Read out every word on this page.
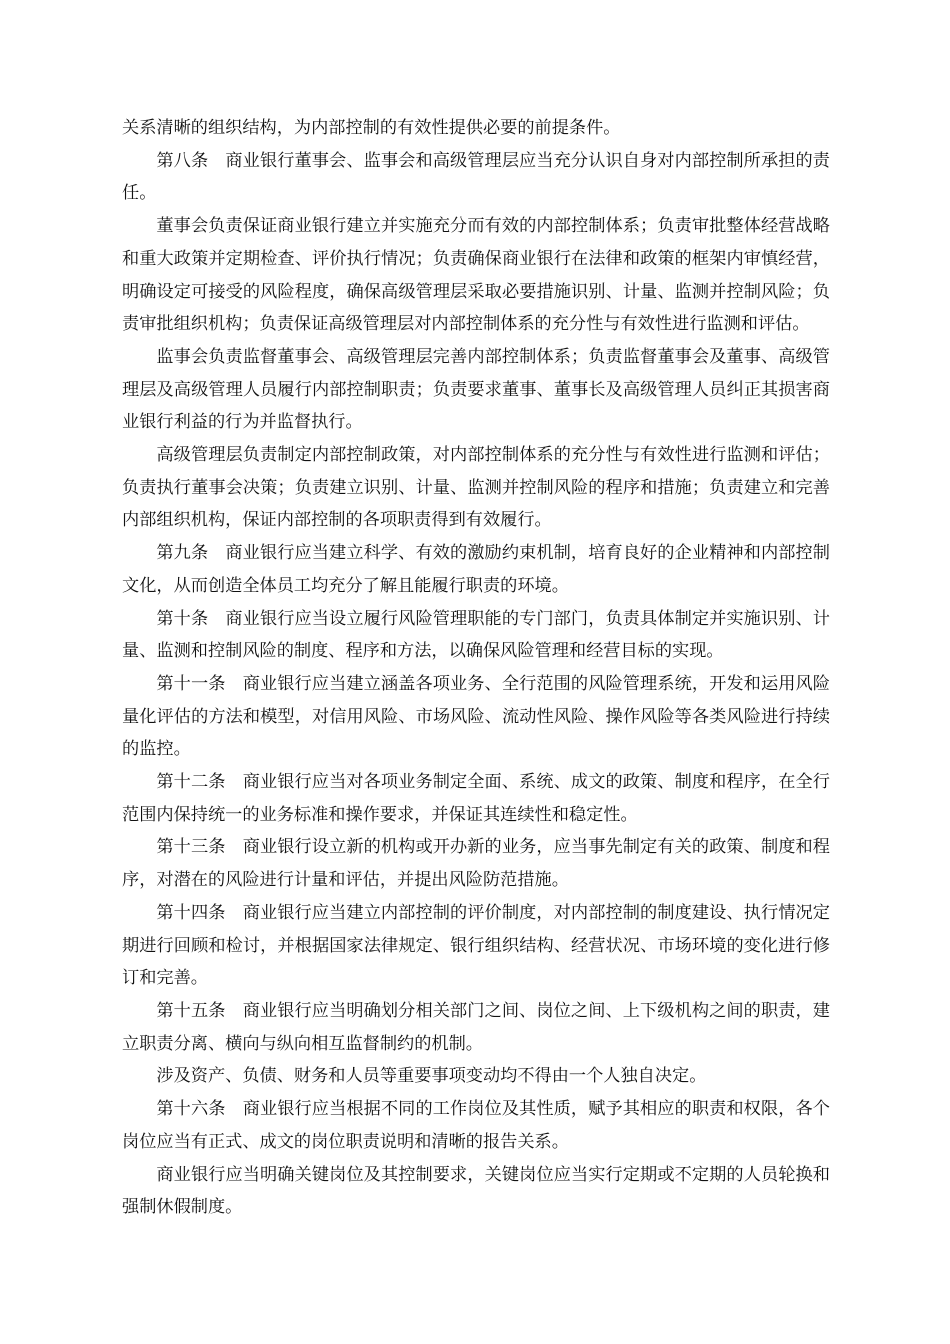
关系清晰的组织结构，为内部控制的有效性提供必要的前提条件。

第八条 商业银行董事会、监事会和高级管理层应当充分认识自身对内部控制所承担的责任。

董事会负责保证商业银行建立并实施充分而有效的内部控制体系；负责审批整体经营战略和重大政策并定期检查、评价执行情况；负责确保商业银行在法律和政策的框架内审慎经营，明确设定可接受的风险程度，确保高级管理层采取必要措施识别、计量、监测并控制风险；负责审批组织机构；负责保证高级管理层对内部控制体系的充分性与有效性进行监测和评估。

监事会负责监督董事会、高级管理层完善内部控制体系；负责监督董事会及董事、高级管理层及高级管理人员履行内部控制职责；负责要求董事、董事长及高级管理人员纠正其损害商业银行利益的行为并监督执行。

高级管理层负责制定内部控制政策，对内部控制体系的充分性与有效性进行监测和评估；负责执行董事会决策；负责建立识别、计量、监测并控制风险的程序和措施；负责建立和完善内部组织机构，保证内部控制的各项职责得到有效履行。

第九条 商业银行应当建立科学、有效的激励约束机制，培育良好的企业精神和内部控制文化，从而创造全体员工均充分了解且能履行职责的环境。

第十条 商业银行应当设立履行风险管理职能的专门部门，负责具体制定并实施识别、计量、监测和控制风险的制度、程序和方法，以确保风险管理和经营目标的实现。

第十一条 商业银行应当建立涵盖各项业务、全行范围的风险管理系统，开发和运用风险量化评估的方法和模型，对信用风险、市场风险、流动性风险、操作风险等各类风险进行持续的监控。

第十二条 商业银行应当对各项业务制定全面、系统、成文的政策、制度和程序，在全行范围内保持统一的业务标准和操作要求，并保证其连续性和稳定性。

第十三条 商业银行设立新的机构或开办新的业务，应当事先制定有关的政策、制度和程序，对潜在的风险进行计量和评估，并提出风险防范措施。

第十四条 商业银行应当建立内部控制的评价制度，对内部控制的制度建设、执行情况定期进行回顾和检讨，并根据国家法律规定、银行组织结构、经营状况、市场环境的变化进行修订和完善。

第十五条 商业银行应当明确划分相关部门之间、岗位之间、上下级机构之间的职责，建立职责分离、横向与纵向相互监督制约的机制。

涉及资产、负债、财务和人员等重要事项变动均不得由一个人独自决定。

第十六条 商业银行应当根据不同的工作岗位及其性质，赋予其相应的职责和权限，各个岗位应当有正式、成文的岗位职责说明和清晰的报告关系。

商业银行应当明确关键岗位及其控制要求，关键岗位应当实行定期或不定期的人员轮换和强制休假制度。
